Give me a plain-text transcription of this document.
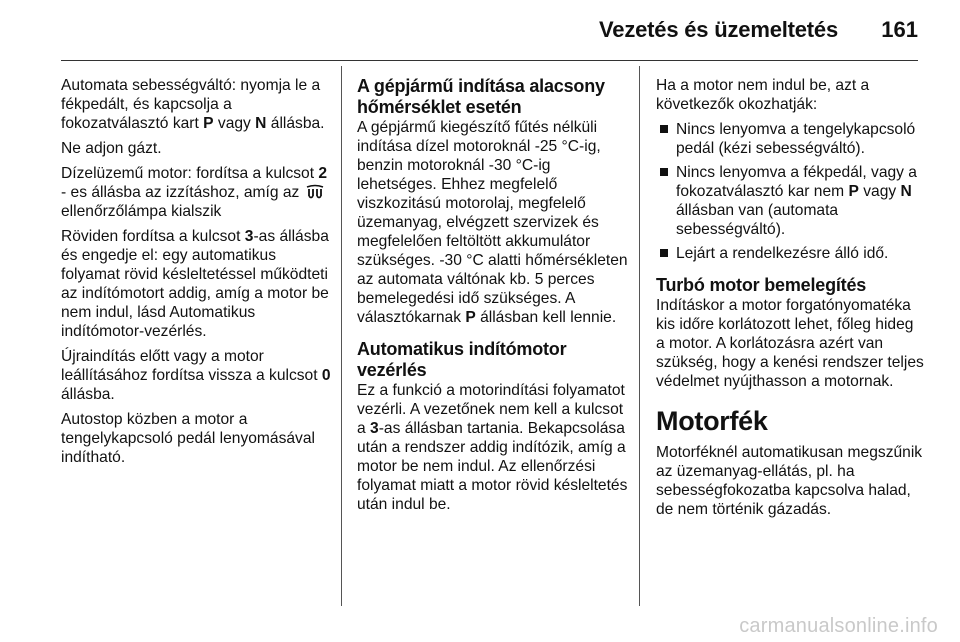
Vezetés és üzemeltetés 161

Automata sebességváltó: nyomja le a fékpedált, és kapcsolja a fokozatválasztó kart P vagy N állásba.

Ne adjon gázt.

Dízelüzemű motor: fordítsa a kulcsot 2 - es állásba az izzításhoz, amíg az  ellenőrzőlámpa kialszik

Röviden fordítsa a kulcsot 3-as állásba és engedje el: egy automatikus folyamat rövid késleltetéssel működteti az indítómotort addig, amíg a motor be nem indul, lásd Automatikus indítómotor-vezérlés.

Újraindítás előtt vagy a motor leállításához fordítsa vissza a kulcsot 0 állásba.

Autostop közben a motor a tengelykapcsoló pedál lenyomásával indítható.

A gépjármű indítása alacsony hőmérséklet esetén

A gépjármű kiegészítő fűtés nélküli indítása dízel motoroknál -25 °C-ig, benzin motoroknál -30 °C-ig lehetséges. Ehhez megfelelő viszkozitású motorolaj, megfelelő üzemanyag, elvégzett szervizek és megfelelően feltöltött akkumulátor szükséges. -30 °C alatti hőmérsékleten az automata váltónak kb. 5 perces bemelegedési idő szükséges. A választókarnak P állásban kell lennie.

Automatikus indítómotor vezérlés

Ez a funkció a motorindítási folyamatot vezérli. A vezetőnek nem kell a kulcsot a 3-as állásban tartania. Bekapcsolása után a rendszer addig indítózik, amíg a motor be nem indul. Az ellenőrzési folyamat miatt a motor rövid késleltetés után indul be.

Ha a motor nem indul be, azt a következők okozhatják:

Nincs lenyomva a tengelykapcsoló pedál (kézi sebességváltó).
Nincs lenyomva a fékpedál, vagy a fokozatválasztó kar nem P vagy N állásban van (automata sebességváltó).
Lejárt a rendelkezésre álló idő.
Turbó motor bemelegítés

Indításkor a motor forgatónyomatéka kis időre korlátozott lehet, főleg hideg a motor. A korlátozásra azért van szükség, hogy a kenési rendszer teljes védelmet nyújthasson a motornak.

Motorfék

Motorféknél automatikusan megszűnik az üzemanyag-ellátás, pl. ha sebességfokozatba kapcsolva halad, de nem történik gázadás.

carmanualsonline.info
